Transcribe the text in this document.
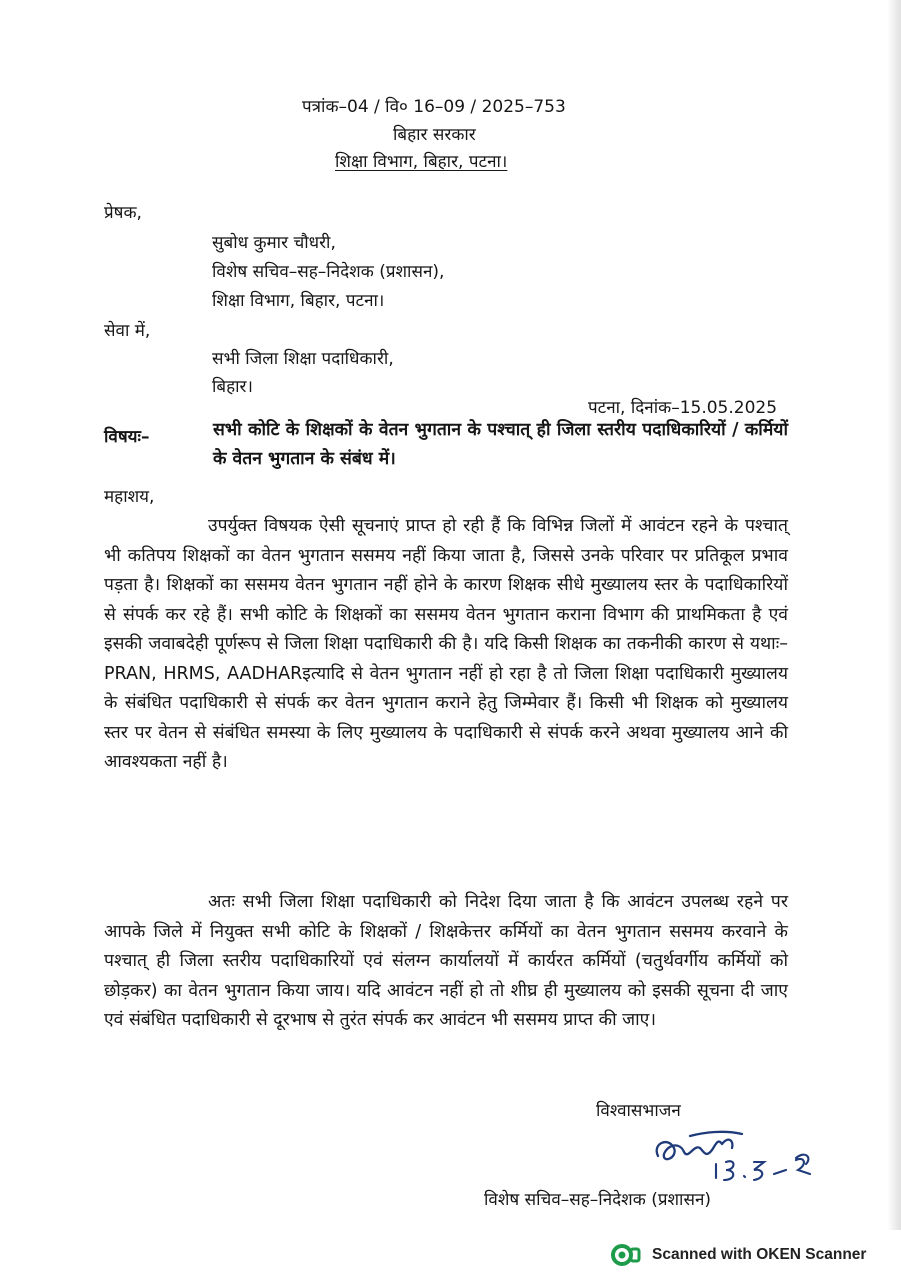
पत्रांक–04 / वि० 16–09 / 2025–753
बिहार सरकार
शिक्षा विभाग, बिहार, पटना।
प्रेषक,
सुबोध कुमार चौधरी,
विशेष सचिव–सह–निदेशक (प्रशासन),
शिक्षा विभाग, बिहार, पटना।
सेवा में,
सभी जिला शिक्षा पदाधिकारी,
बिहार।
पटना, दिनांक–15.05.2025
विषयः–	सभी कोटि के शिक्षकों के वेतन भुगतान के पश्चात् ही जिला स्तरीय पदाधिकारियों / कर्मियों के वेतन भुगतान के संबंध में।
महाशय,

उपर्युक्त विषयक ऐसी सूचनाएं प्राप्त हो रही हैं कि विभिन्न जिलों में आवंटन रहने के पश्चात् भी कतिपय शिक्षकों का वेतन भुगतान ससमय नहीं किया जाता है, जिससे उनके परिवार पर प्रतिकूल प्रभाव पड़ता है। शिक्षकों का ससमय वेतन भुगतान नहीं होने के कारण शिक्षक सीधे मुख्यालय स्तर के पदाधिकारियों से संपर्क कर रहे हैं। सभी कोटि के शिक्षकों का ससमय वेतन भुगतान कराना विभाग की प्राथमिकता है एवं इसकी जवाबदेही पूर्णरूप से जिला शिक्षा पदाधिकारी की है। यदि किसी शिक्षक का तकनीकी कारण से यथाः–PRAN, HRMS, AADHARइत्यादि से वेतन भुगतान नहीं हो रहा है तो जिला शिक्षा पदाधिकारी मुख्यालय के संबंधित पदाधिकारी से संपर्क कर वेतन भुगतान कराने हेतु जिम्मेवार हैं। किसी भी शिक्षक को मुख्यालय स्तर पर वेतन से संबंधित समस्या के लिए मुख्यालय के पदाधिकारी से संपर्क करने अथवा मुख्यालय आने की आवश्यकता नहीं है।

अतः सभी जिला शिक्षा पदाधिकारी को निदेश दिया जाता है कि आवंटन उपलब्ध रहने पर आपके जिले में नियुक्त सभी कोटि के शिक्षकों / शिक्षकेत्तर कर्मियों का वेतन भुगतान ससमय करवाने के पश्चात् ही जिला स्तरीय पदाधिकारियों एवं संलग्न कार्यालयों में कार्यरत कर्मियों (चतुर्थवर्गीय कर्मियों को छोड़कर) का वेतन भुगतान किया जाय। यदि आवंटन नहीं हो तो शीघ्र ही मुख्यालय को इसकी सूचना दी जाए एवं संबंधित पदाधिकारी से दूरभाष से तुरंत संपर्क कर आवंटन भी ससमय प्राप्त की जाए।

विश्वासभाजन
विशेष सचिव–सह–निदेशक (प्रशासन)
Scanned with OKEN Scanner
